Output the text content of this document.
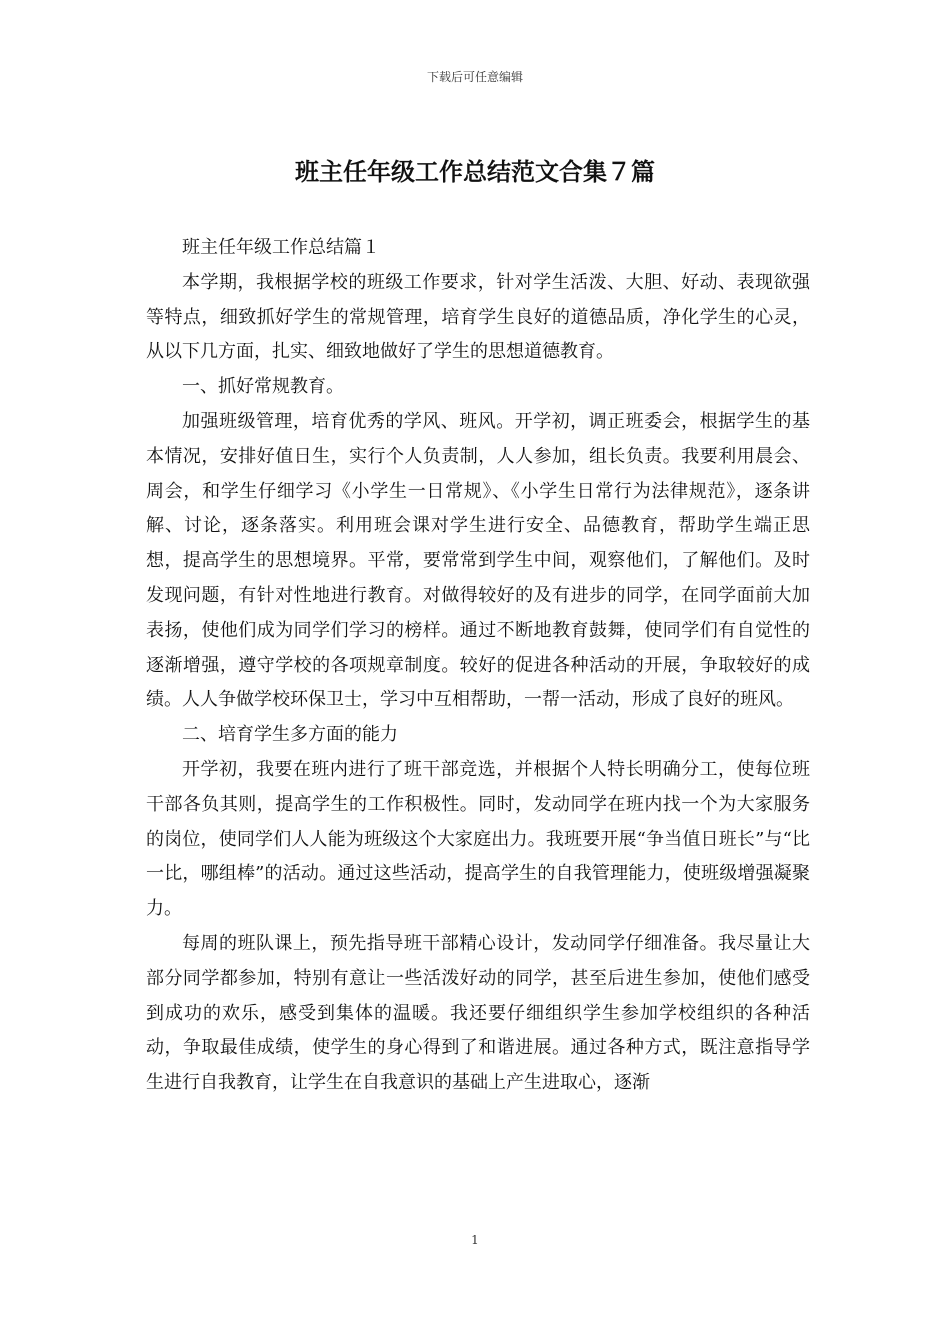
下载后可任意编辑
班主任年级工作总结范文合集７篇

班主任年级工作总结篇１

本学期，我根据学校的班级工作要求，针对学生活泼、大胆、好动、表现欲强等特点，细致抓好学生的常规管理，培育学生良好的道德品质，净化学生的心灵，从以下几方面，扎实、细致地做好了学生的思想道德教育。

一、抓好常规教育。

加强班级管理，培育优秀的学风、班风。开学初，调正班委会，根据学生的基本情况，安排好值日生，实行个人负责制，人人参加，组长负责。我要利用晨会、周会，和学生仔细学习《小学生一日常规》、《小学生日常行为法律规范》，逐条讲解、讨论，逐条落实。利用班会课对学生进行安全、品德教育，帮助学生端正思想，提高学生的思想境界。平常，要常常到学生中间，观察他们，了解他们。及时发现问题，有针对性地进行教育。对做得较好的及有进步的同学，在同学面前大加表扬，使他们成为同学们学习的榜样。通过不断地教育鼓舞，使同学们有自觉性的逐渐增强，遵守学校的各项规章制度。较好的促进各种活动的开展，争取较好的成绩。人人争做学校环保卫士，学习中互相帮助，一帮一活动，形成了良好的班风。

二、培育学生多方面的能力

开学初，我要在班内进行了班干部竞选，并根据个人特长明确分工，使每位班干部各负其则，提高学生的工作积极性。同时，发动同学在班内找一个为大家服务的岗位，使同学们人人能为班级这个大家庭出力。我班要开展“争当值日班长”与“比一比，哪组棒”的活动。通过这些活动，提高学生的自我管理能力，使班级增强凝聚力。

每周的班队课上，预先指导班干部精心设计，发动同学仔细准备。我尽量让大部分同学都参加，特别有意让一些活泼好动的同学，甚至后进生参加，使他们感受到成功的欢乐，感受到集体的温暖。我还要仔细组织学生参加学校组织的各种活动，争取最佳成绩，使学生的身心得到了和谐进展。通过各种方式，既注意指导学生进行自我教育，让学生在自我意识的基础上产生进取心，逐渐

1
